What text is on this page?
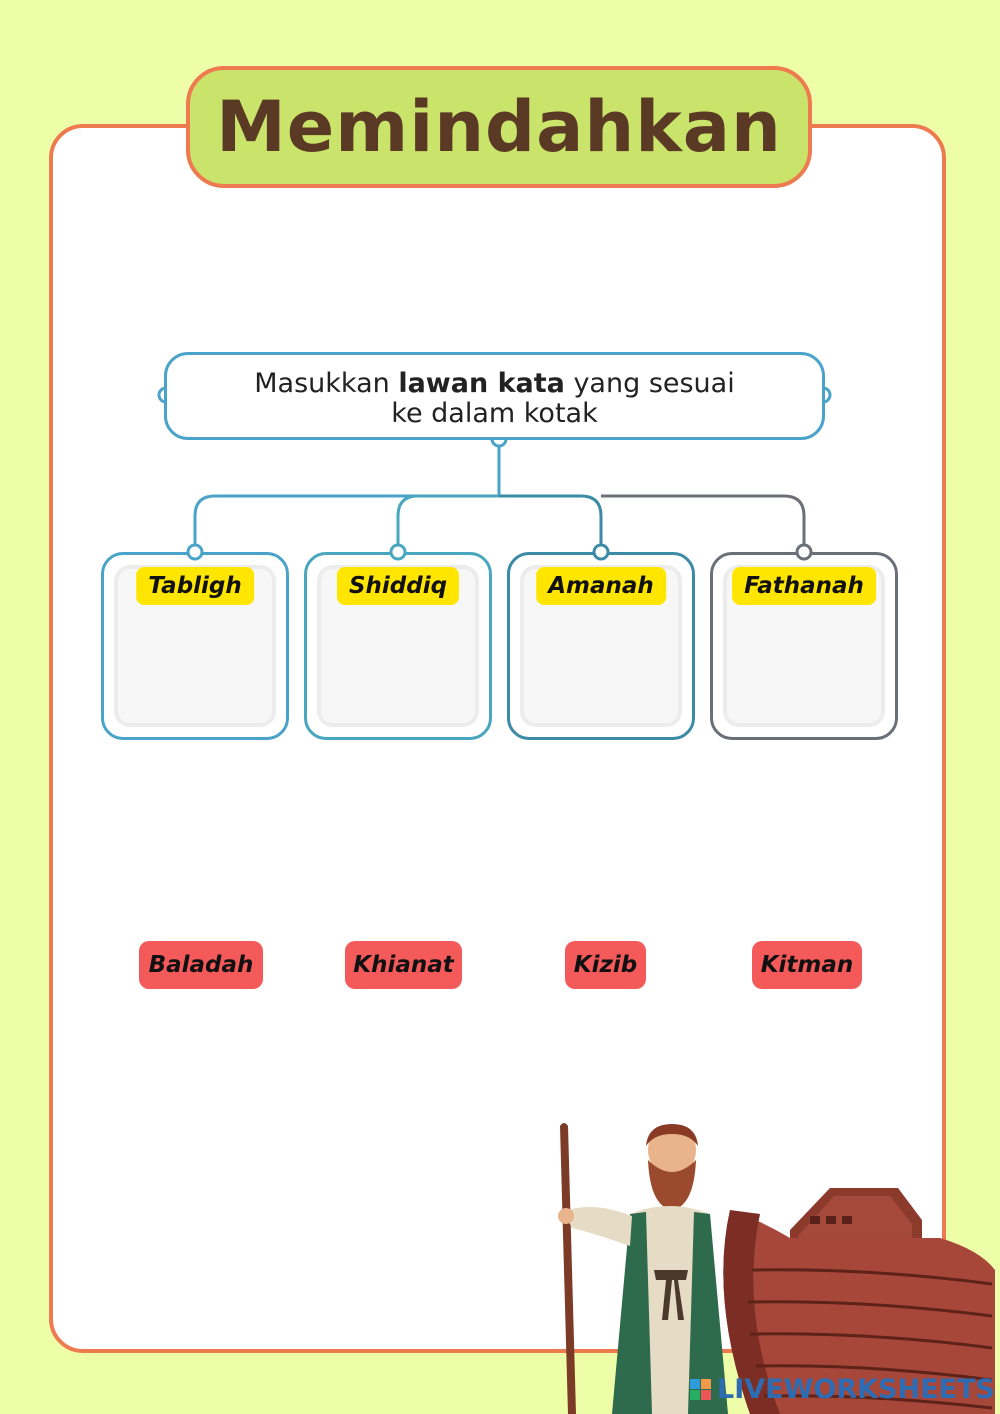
Memindahkan
Masukkan lawan kata yang sesuai
ke dalam kotak
Tabligh	Shiddiq	Amanah	Fathanah
Baladah	Khianat	Kizib	Kitman
LIVEWORKSHEETS
